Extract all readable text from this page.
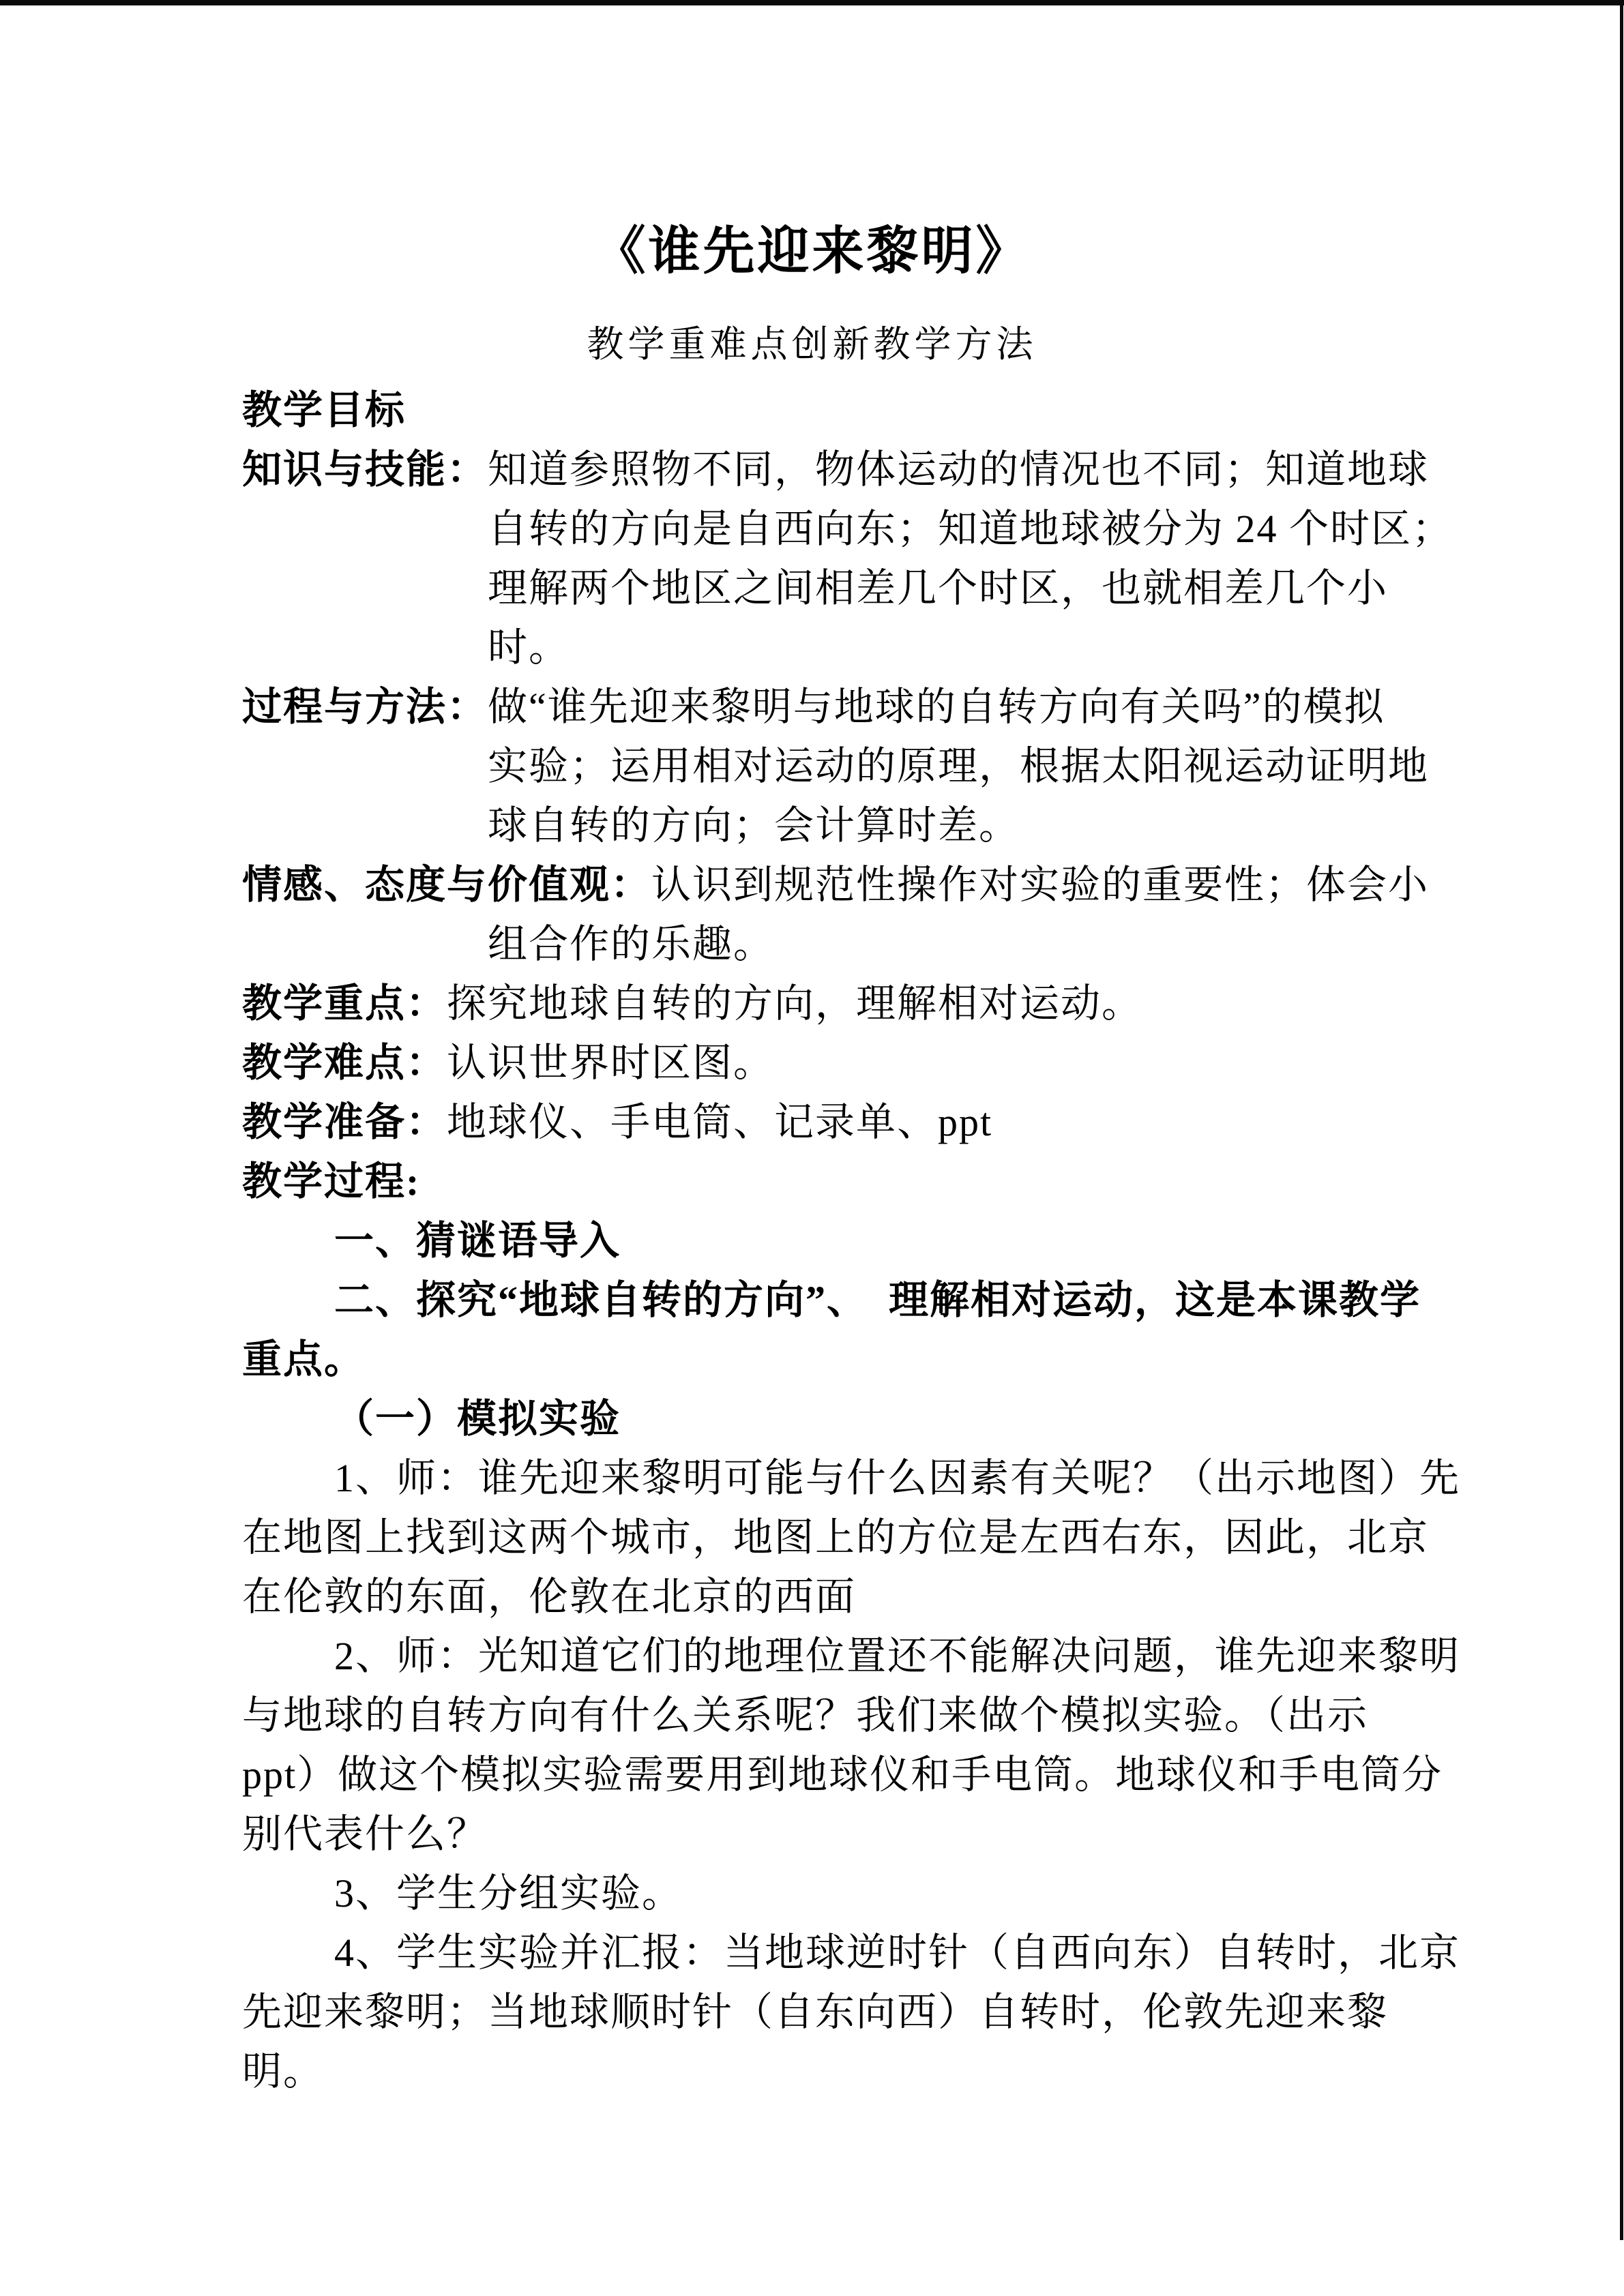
《谁先迎来黎明》
教学重难点创新教学方法
教学目标
知识与技能：知道参照物不同，物体运动的情况也不同；知道地球
自转的方向是自西向东；知道地球被分为 24 个时区；
理解两个地区之间相差几个时区，也就相差几个小
时。
过程与方法：做“谁先迎来黎明与地球的自转方向有关吗”的模拟
实验；运用相对运动的原理，根据太阳视运动证明地
球自转的方向；会计算时差。
情感、态度与价值观：认识到规范性操作对实验的重要性；体会小
组合作的乐趣。
教学重点：探究地球自转的方向，理解相对运动。
教学难点：认识世界时区图。
教学准备：地球仪、手电筒、记录单、ppt
教学过程:
一、猜谜语导入
二、探究“地球自转的方向”、　理解相对运动，这是本课教学
重点。
（一）模拟实验
1、师：谁先迎来黎明可能与什么因素有关呢？（出示地图）先
在地图上找到这两个城市，地图上的方位是左西右东，因此，北京
在伦敦的东面，伦敦在北京的西面
2、师：光知道它们的地理位置还不能解决问题，谁先迎来黎明
与地球的自转方向有什么关系呢？我们来做个模拟实验。（出示
ppt）做这个模拟实验需要用到地球仪和手电筒。地球仪和手电筒分
别代表什么？
3、学生分组实验。
4、学生实验并汇报：当地球逆时针（自西向东）自转时，北京
先迎来黎明；当地球顺时针（自东向西）自转时，伦敦先迎来黎
明。
